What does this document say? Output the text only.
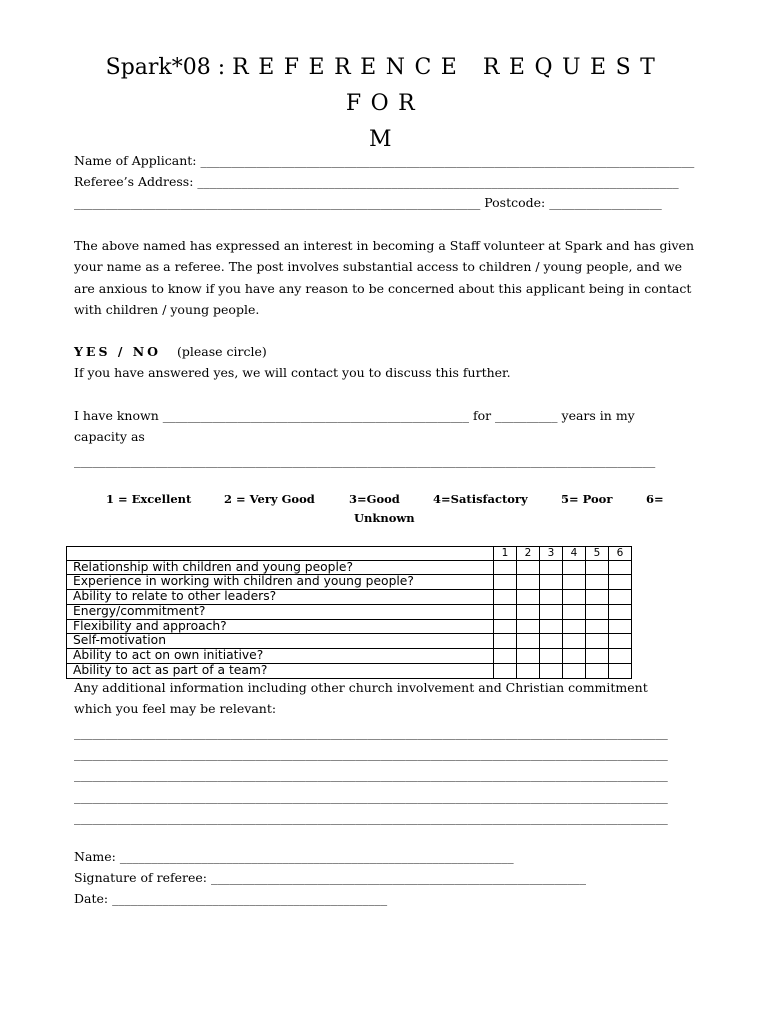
Spark*08 : REFERENCE REQUEST FOR
M
Name of Applicant: _______________________________________________________________________________
Referee’s Address: _____________________________________________________________________________
_________________________________________________________________ Postcode: __________________
The above named has expressed an interest in becoming a Staff volunteer at Spark and has given your name as a referee. The post involves substantial access to children / young people, and we are anxious to know if you have any reason to be concerned about this applicant being in contact with children / young people.
YES / NO (please circle)
If you have answered yes, we will contact you to discuss this further.
I have known _________________________________________________ for __________ years in my
capacity as
_____________________________________________________________________________________________
1 = Excellent	2 = Very Good	3=Good	4=Satisfactory	5= Poor	6=
Unknown
	1	2	3	4	5	6
Relationship with children and young people?						
Experience in working with children and young people?						
Ability to relate to other leaders?						
Energy/commitment?						
Flexibility and approach?						
Self-motivation						
Ability to act on own initiative?						
Ability to act as part of a team?						
Any additional information including other church involvement and Christian commitment
which you feel may be relevant:
_______________________________________________________________________________________________
_______________________________________________________________________________________________
_______________________________________________________________________________________________
_______________________________________________________________________________________________
_______________________________________________________________________________________________
Name: _______________________________________________________________
Signature of referee: ____________________________________________________________
Date: ____________________________________________
